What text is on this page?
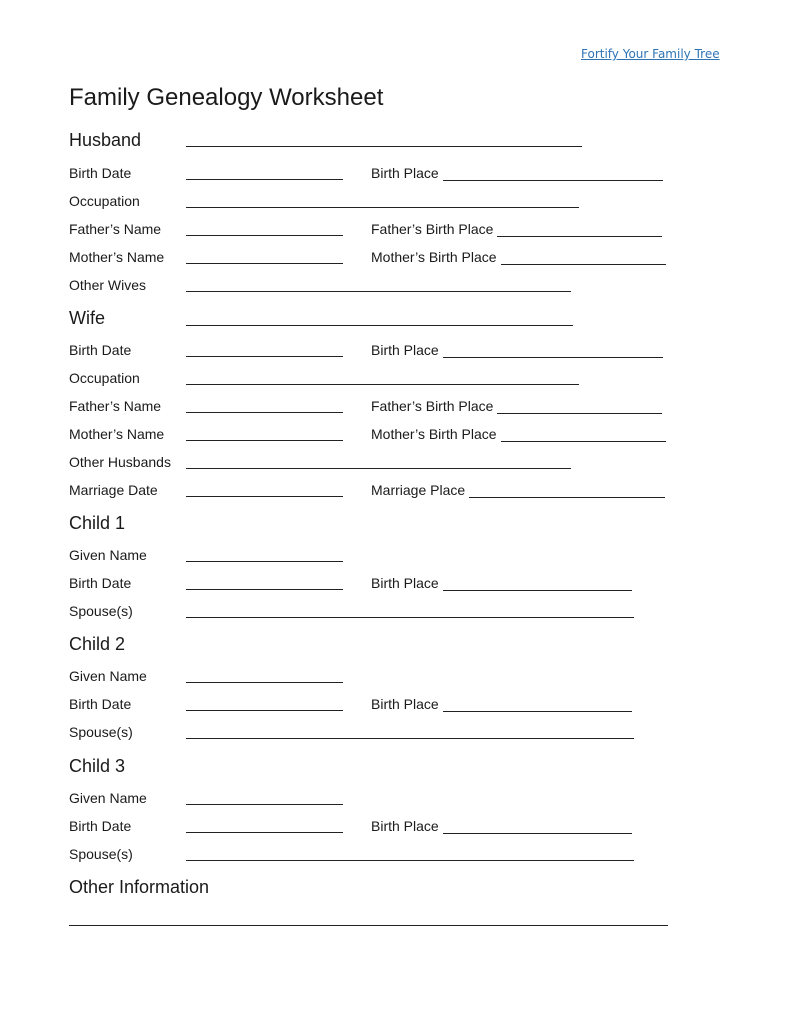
Fortify Your Family Tree
Family Genealogy Worksheet
Husband
Birth Date	Birth Place
Occupation
Father’s Name	Father’s Birth Place
Mother’s Name	Mother’s Birth Place
Other Wives
Wife
Birth Date	Birth Place
Occupation
Father’s Name	Father’s Birth Place
Mother’s Name	Mother’s Birth Place
Other Husbands
Marriage Date	Marriage Place
Child 1
Given Name
Birth Date	Birth Place
Spouse(s)
Child 2
Given Name
Birth Date	Birth Place
Spouse(s)
Child 3
Given Name
Birth Date	Birth Place
Spouse(s)
Other Information
